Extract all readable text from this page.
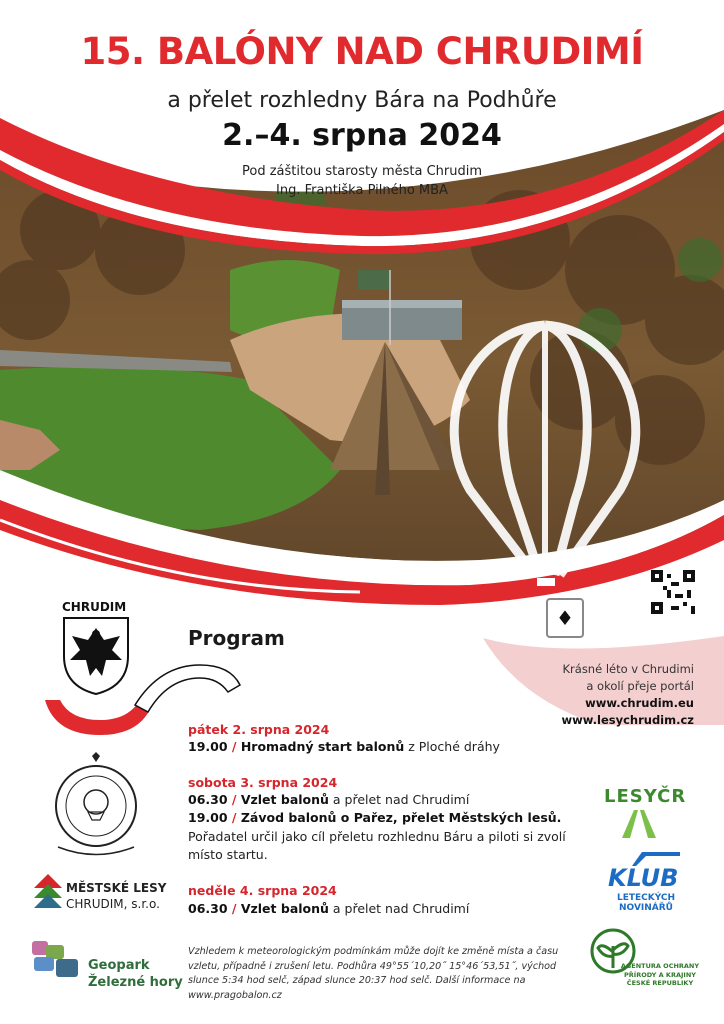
♦
15. BALÓNY NAD CHRUDIMÍ
a přelet rozhledny Bára na Podhůře
2.–4. srpna 2024
Pod záštitou starosty města Chrudim
Ing. Františka Pilného MBA
CHRUDIM
Program
pátek 2. srpna 2024
19.00 / Hromadný start balonů z Ploché dráhy
sobota 3. srpna 2024
06.30 / Vzlet balonů a přelet nad Chrudimí
19.00 / Závod balonů o Pařez, přelet Městských lesů.
Pořadatel určil jako cíl přeletu rozhlednu Báru a piloti si zvolí místo startu.
neděle 4. srpna 2024
06.30 / Vzlet balonů a přelet nad Chrudimí
Vzhledem k meteorologickým podmínkám může dojít ke změně místa a času vzletu, případně i zrušení letu. Podhůra 49°55´10,20˝ 15°46´53,51˝, východ slunce 5:34 hod selč, západ slunce 20:37 hod selč. Další informace na www.pragobalon.cz
Krásné léto v Chrudimi
a okolí přeje portál
www.chrudim.eu
www.lesychrudim.cz
MĚSTSKÉ LESY
CHRUDIM, s.r.o.
Geopark
Železné hory
LESYČR
KLUB
LETECKÝCH
NOVINÁŘŮ
AGENTURA OCHRANY
PŘÍRODY A KRAJINY
ČESKÉ REPUBLIKY
